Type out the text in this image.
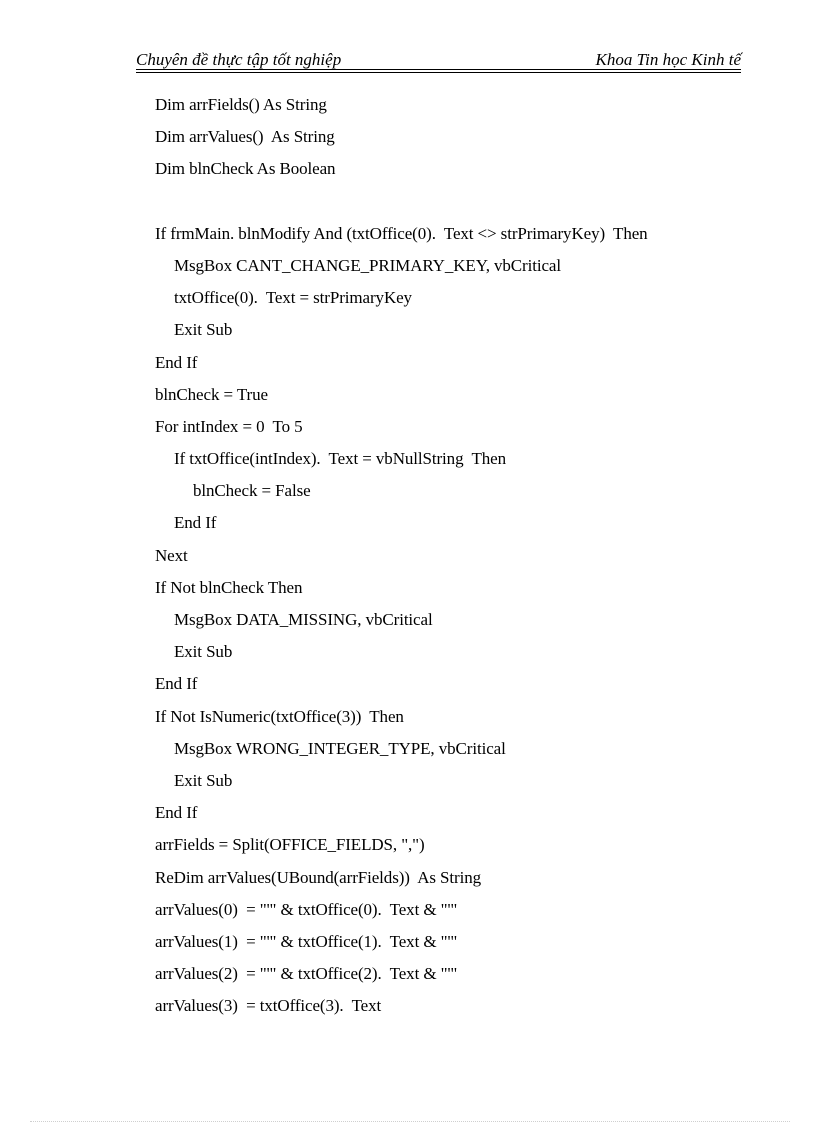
Chuyên đề thực tập tốt nghiệp	Khoa Tin học Kinh tế
Dim arrFields() As String
Dim arrValues()  As String
Dim blnCheck As Boolean
If frmMain. blnModify And (txtOffice(0).  Text <> strPrimaryKey)  Then
MsgBox CANT_CHANGE_PRIMARY_KEY, vbCritical
txtOffice(0).  Text = strPrimaryKey
Exit Sub
End If
blnCheck = True
For intIndex = 0  To 5
If txtOffice(intIndex).  Text = vbNullString  Then
blnCheck = False
End If
Next
If Not blnCheck Then
MsgBox DATA_MISSING, vbCritical
Exit Sub
End If
If Not IsNumeric(txtOffice(3))  Then
MsgBox WRONG_INTEGER_TYPE, vbCritical
Exit Sub
End If
arrFields = Split(OFFICE_FIELDS, ",")
ReDim arrValues(UBound(arrFields))  As String
arrValues(0)  = "'" & txtOffice(0).  Text & "'"
arrValues(1)  = "'" & txtOffice(1).  Text & "'"
arrValues(2)  = "'" & txtOffice(2).  Text & "'"
arrValues(3)  = txtOffice(3).  Text
